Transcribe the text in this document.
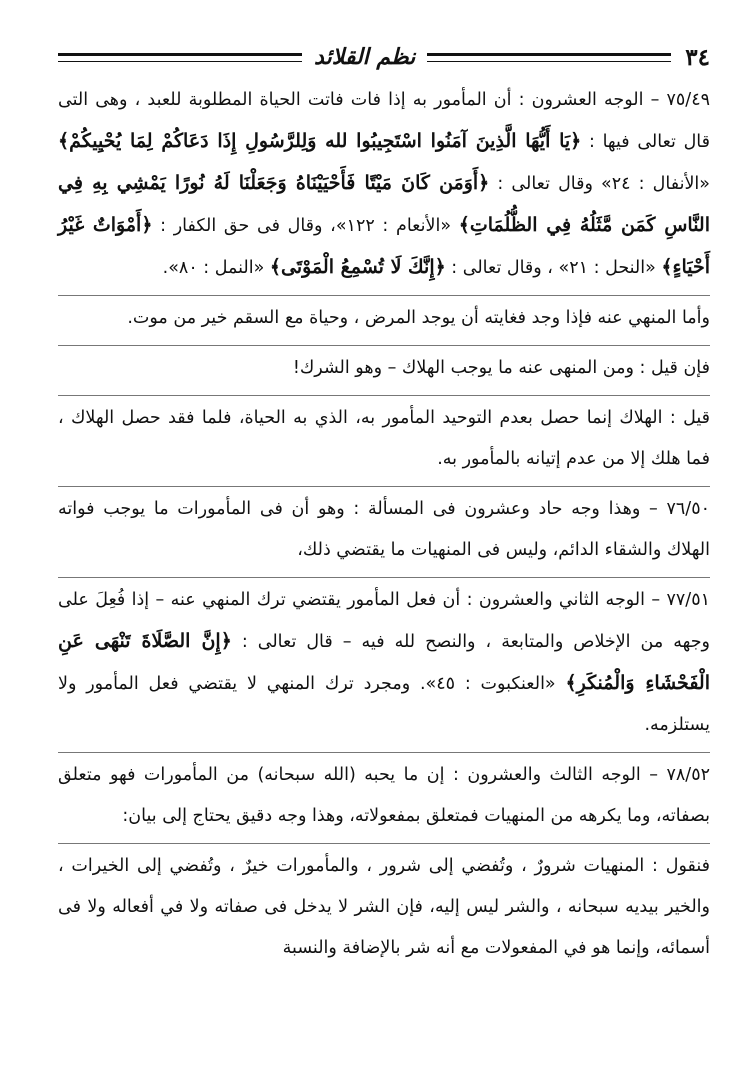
٣٤
نظم القلائد

٧٥/٤٩ – الوجه العشرون : أن المأمور به إذا فات فاتت الحياة المطلوبة للعبد ، وهى التى قال تعالى فيها : ﴿يَا أَيُّهَا الَّذِينَ آمَنُوا اسْتَجِيبُوا لله وَلِلرَّسُولِ إِذَا دَعَاكُمْ لِمَا يُحْيِيكُمْ﴾ «الأنفال : ٢٤» وقال تعالى : ﴿أَوَمَن كَانَ مَيْتًا فَأَحْيَيْنَاهُ وَجَعَلْنَا لَهُ نُورًا يَمْشِي بِهِ فِي النَّاسِ كَمَن مَّثَلُهُ فِي الظُّلُمَاتِ﴾ «الأنعام : ١٢٢»، وقال فى حق الكفار : ﴿أَمْوَاتٌ غَيْرُ أَحْيَاءٍ﴾ «النحل : ٢١» ، وقال تعالى : ﴿إِنَّكَ لَا تُسْمِعُ الْمَوْتَى﴾ «النمل : ٨٠».

وأما المنهي عنه فإذا وجد فغايته أن يوجد المرض ، وحياة مع السقم خير من موت.

فإن قيل : ومن المنهى عنه ما يوجب الهلاك – وهو الشرك!

قيل : الهلاك إنما حصل بعدم التوحيد المأمور به، الذي به الحياة، فلما فقد حصل الهلاك ، فما هلك إلا من عدم إتيانه بالمأمور به.

٧٦/٥٠ – وهذا وجه حاد وعشرون فى المسألة : وهو أن فى المأمورات ما يوجب فواته الهلاك والشقاء الدائم، وليس فى المنهيات ما يقتضي ذلك،

٧٧/٥١ – الوجه الثاني والعشرون : أن فعل المأمور يقتضي ترك المنهي عنه – إذا فُعِلَ على وجهه من الإخلاص والمتابعة ، والنصح لله فيه – قال تعالى : ﴿إِنَّ الصَّلَاةَ تَنْهَى عَنِ الْفَحْشَاءِ وَالْمُنكَرِ﴾ «العنكبوت : ٤٥». ومجرد ترك المنهي لا يقتضي فعل المأمور ولا يستلزمه.

٧٨/٥٢ – الوجه الثالث والعشرون : إن ما يحبه (الله سبحانه) من المأمورات فهو متعلق بصفاته، وما يكرهه من المنهيات فمتعلق بمفعولاته، وهذا وجه دقيق يحتاج إلى بيان:

فنقول : المنهيات شرورٌ ، وتُفضي إلى شرور ، والمأمورات خيرٌ ، وتُفضي إلى الخيرات ، والخير بيديه سبحانه ، والشر ليس إليه، فإن الشر لا يدخل فى صفاته ولا في أفعاله ولا فى أسمائه، وإنما هو في المفعولات مع أنه شر بالإضافة والنسبة
